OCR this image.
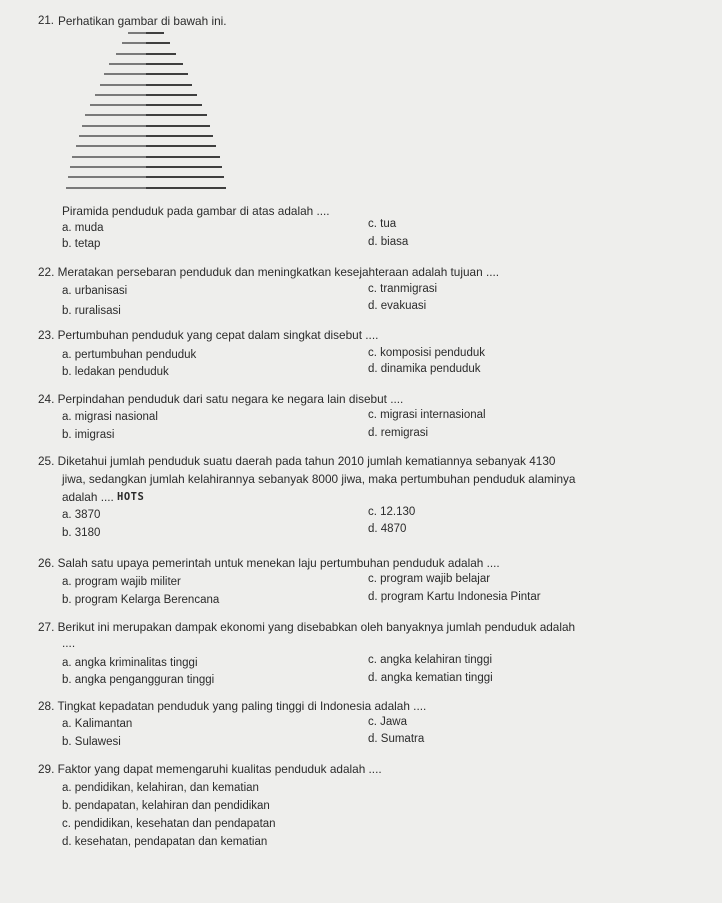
21. Perhatikan gambar di bawah ini.
Piramida penduduk pada gambar di atas adalah ....
a. muda
b. tetap
c. tua
d. biasa
22. Meratakan persebaran penduduk dan meningkatkan kesejahteraan adalah tujuan ....
a. urbanisasi
b. ruralisasi
c. tranmigrasi
d. evakuasi
23. Pertumbuhan penduduk yang cepat dalam singkat disebut ....
a. pertumbuhan penduduk
b. ledakan penduduk
c. komposisi penduduk
d. dinamika penduduk
24. Perpindahan penduduk dari satu negara ke negara lain disebut ....
a. migrasi nasional
b. imigrasi
c. migrasi internasional
d. remigrasi
25. Diketahui jumlah penduduk suatu daerah pada tahun 2010 jumlah kematiannya sebanyak 4130
jiwa, sedangkan jumlah kelahirannya sebanyak 8000 jiwa, maka pertumbuhan penduduk alaminya
adalah .... HOTS
a. 3870
b. 3180
c. 12.130
d. 4870
26. Salah satu upaya pemerintah untuk menekan laju pertumbuhan penduduk adalah ....
a. program wajib militer
b. program Kelarga Berencana
c. program wajib belajar
d. program Kartu Indonesia Pintar
27. Berikut ini merupakan dampak ekonomi yang disebabkan oleh banyaknya jumlah penduduk adalah
....
a. angka kriminalitas tinggi
b. angka pengangguran tinggi
c. angka kelahiran tinggi
d. angka kematian tinggi
28. Tingkat kepadatan penduduk yang paling tinggi di Indonesia adalah ....
a. Kalimantan
b. Sulawesi
c. Jawa
d. Sumatra
29. Faktor yang dapat memengaruhi kualitas penduduk adalah ....
a. pendidikan, kelahiran, dan kematian
b. pendapatan, kelahiran dan pendidikan
c. pendidikan, kesehatan dan pendapatan
d. kesehatan, pendapatan dan kematian
